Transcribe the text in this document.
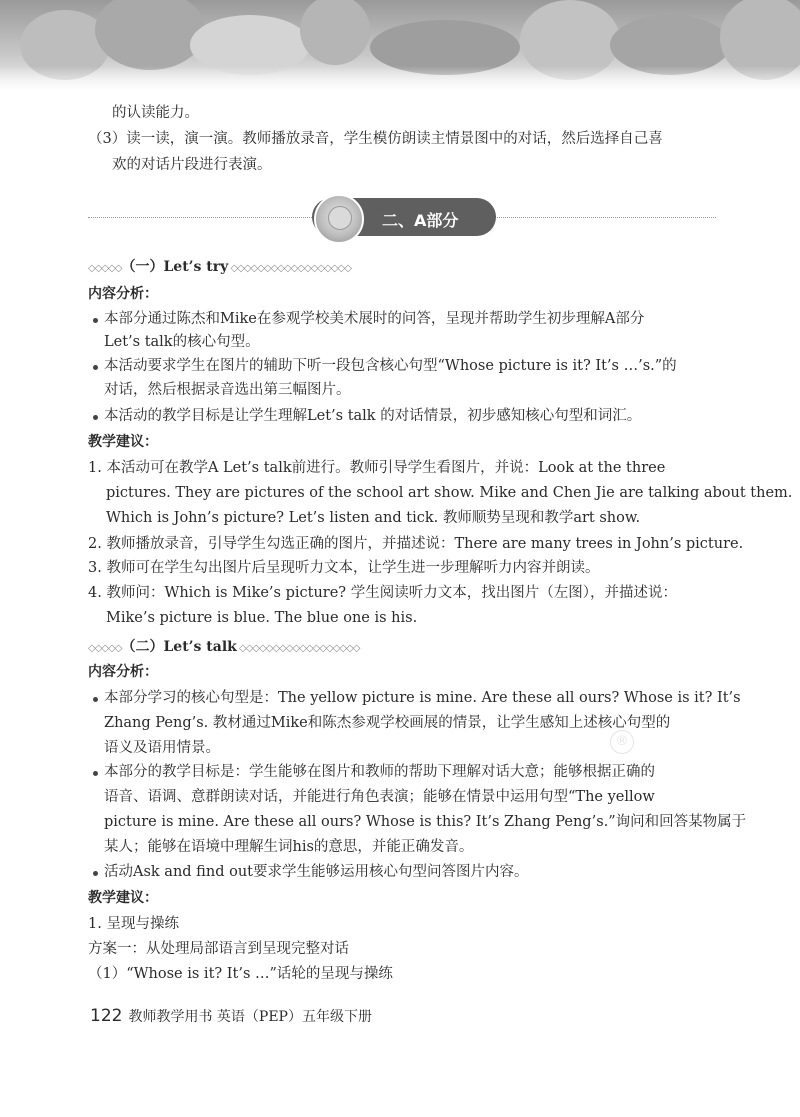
的认读能力。
（3）读一读，演一演。教师播放录音，学生模仿朗读主情景图中的对话，然后选择自己喜
欢的对话片段进行表演。
二、A部分
◇◇◇◇◇（一）Let’s try ◇◇◇◇◇◇◇◇◇◇◇◇◇◇◇◇◇◇
内容分析：
本部分通过陈杰和Mike在参观学校美术展时的问答，呈现并帮助学生初步理解A部分
Let’s talk的核心句型。
本活动要求学生在图片的辅助下听一段包含核心句型“Whose picture is it? It’s …’s.”的
对话，然后根据录音选出第三幅图片。
本活动的教学目标是让学生理解Let’s talk 的对话情景，初步感知核心句型和词汇。
教学建议：
1. 本活动可在教学A Let’s talk前进行。教师引导学生看图片，并说：Look at the three
pictures. They are pictures of the school art show. Mike and Chen Jie are talking about them.
Which is John’s picture? Let’s listen and tick. 教师顺势呈现和教学art show.
2. 教师播放录音，引导学生勾选正确的图片，并描述说：There are many trees in John’s picture.
3. 教师可在学生勾出图片后呈现听力文本，让学生进一步理解听力内容并朗读。
4. 教师问：Which is Mike’s picture? 学生阅读听力文本，找出图片（左图），并描述说：
Mike’s picture is blue. The blue one is his.
◇◇◇◇◇（二）Let’s talk ◇◇◇◇◇◇◇◇◇◇◇◇◇◇◇◇◇◇
内容分析：
本部分学习的核心句型是：The yellow picture is mine. Are these all ours? Whose is it? It’s
Zhang Peng’s. 教材通过Mike和陈杰参观学校画展的情景，让学生感知上述核心句型的
语义及语用情景。	®
本部分的教学目标是：学生能够在图片和教师的帮助下理解对话大意；能够根据正确的
语音、语调、意群朗读对话，并能进行角色表演；能够在情景中运用句型“The yellow
picture is mine. Are these all ours? Whose is this? It’s Zhang Peng’s.”询问和回答某物属于
某人；能够在语境中理解生词his的意思，并能正确发音。
活动Ask and find out要求学生能够运用核心句型问答图片内容。
教学建议：
1. 呈现与操练
方案一：从处理局部语言到呈现完整对话
（1）“Whose is it? It’s …”话轮的呈现与操练
122 教师教学用书 英语（PEP）五年级下册
